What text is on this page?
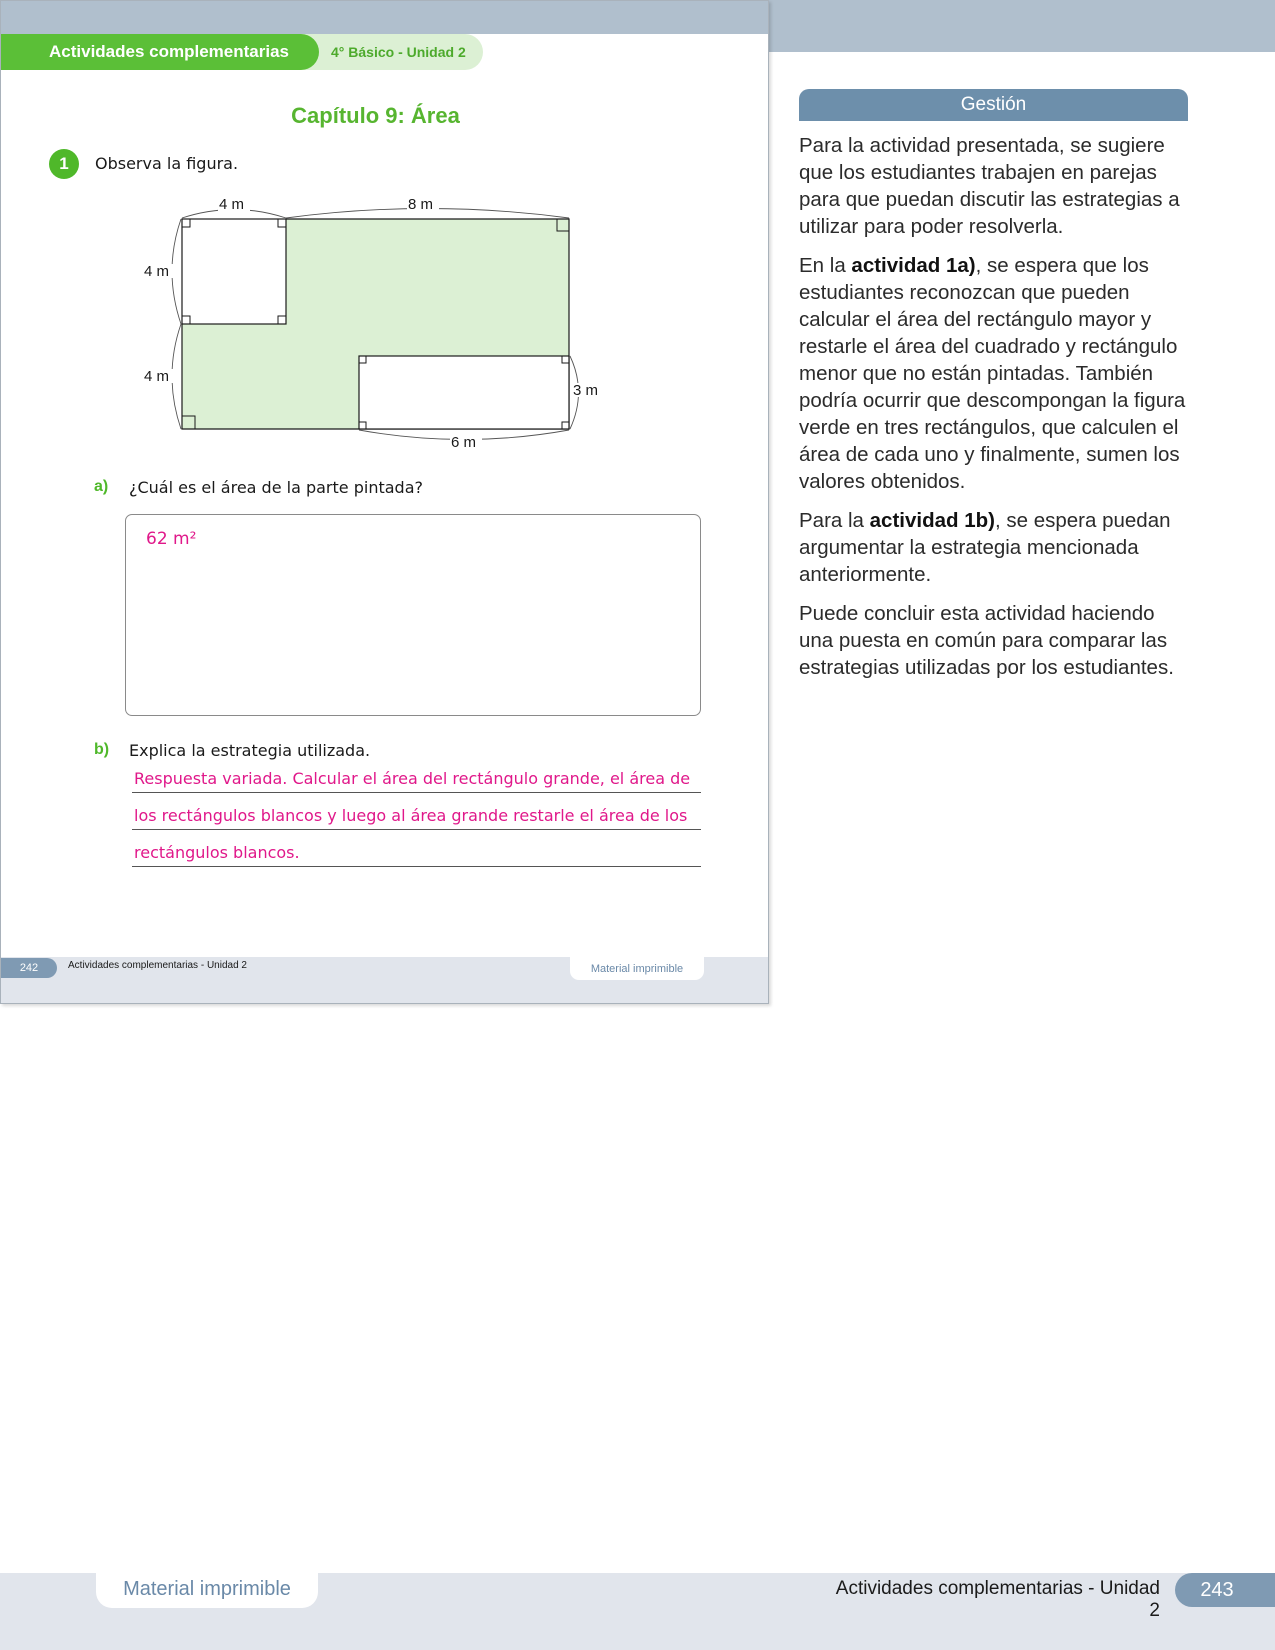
4° Básico - Unidad 2
Actividades complementarias
Capítulo 9: Área
1	Observa la figura.
4 m	8 m
4 m
4 m
3 m
6 m
a) ¿Cuál es el área de la parte pintada?
62 m²
b) Explica la estrategia utilizada.
Respuesta variada. Calcular el área del rectángulo grande, el área de
los rectángulos blancos y luego al área grande restarle el área de los
rectángulos blancos.
242	Actividades complementarias - Unidad 2	Material imprimible
Gestión

Para la actividad presentada, se sugiere que los estudiantes trabajen en parejas para que puedan discutir las estrategias a utilizar para poder resolverla.

En la actividad 1a), se espera que los estudiantes reconozcan que pueden calcular el área del rectángulo mayor y restarle el área del cuadrado y rectángulo menor que no están pintadas. También podría ocurrir que descompongan la figura verde en tres rectángulos, que calculen el área de cada uno y finalmente, sumen los valores obtenidos.

Para la actividad 1b), se espera puedan argumentar la estrategia mencionada anteriormente.

Puede concluir esta actividad haciendo una puesta en común para comparar las estrategias utilizadas por los estudiantes.

Material imprimible	Actividades complementarias - Unidad 2
243
